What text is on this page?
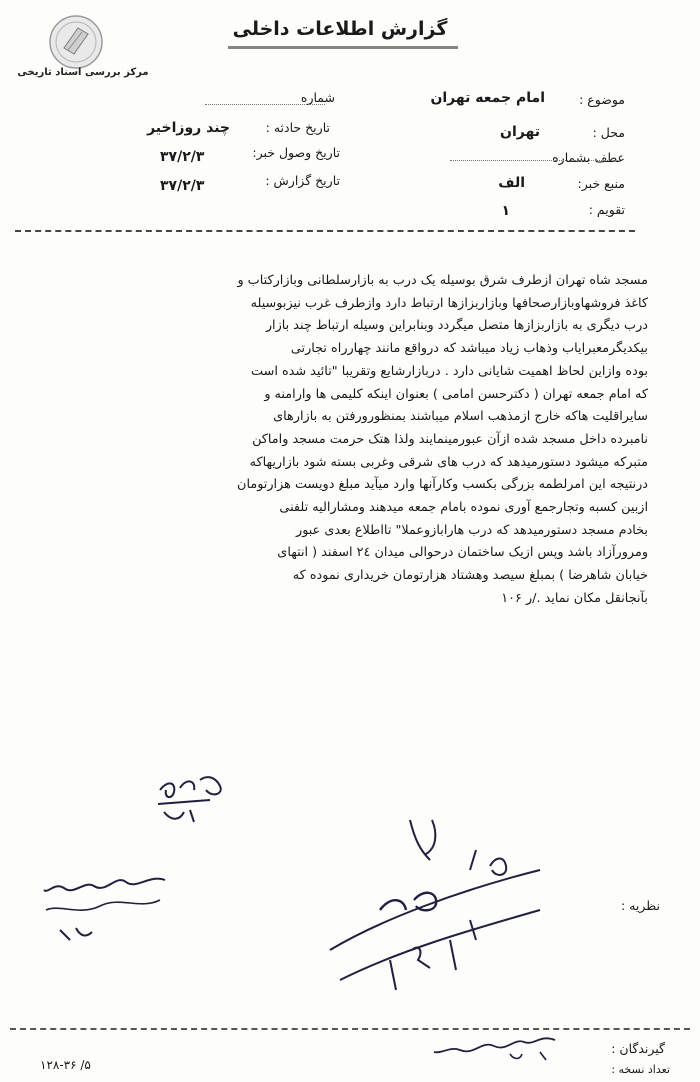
مرکز بررسی اسناد تاریخی
گزارش اطلاعات داخلی
موضوع :
امام جمعه تهران
شماره
محل :
تهران
تاریخ حادثه :
چند روزاخیر
عطف بشماره
تاریخ وصول خبر:
۳۷/۲/۳
منبع خبر:
الف
تاریخ گزارش :
۳۷/۲/۳
تقویم :
۱

مسجد شاه تهران ازطرف شرق بوسیله یک درب به بازارسلطانی وبازارکتاب و

کاغذ فروشهاوبازارصحافها وبازاربزازها ارتباط دارد وازطرف غرب نیزبوسیله

درب دیگری به بازاربزازها متصل میگردد وبنابراین وسیله ارتباط چند بازار

بیکدیگرمعبرایاب وذهاب زیاد میباشد که درواقع مانند چهارراه تجارتی

بوده وازاین لحاظ اهمیت شایانی دارد . دربازارشایع وتقریبا "تائید شده است

که امام جمعه تهران ( دکترحسن امامی ) بعنوان اینکه کلیمی ها وارامنه و

سایراقلیت هاکه خارج ازمذهب اسلام میباشند بمنظورورفتن به بازارهای

نامبرده داخل مسجد شده ازآن عبورمینمایند ولذا هتک حرمت مسجد واماکن

متبرکه میشود دستورمیدهد که درب های شرقی وغربی بسته شود بازاریهاکه

درنتیجه این امرلطمه بزرگی بکسب وکارآنها وارد میآید مبلغ دویست هزارتومان

ازبین کسبه وتجارجمع آوری نموده بامام جمعه میدهند ومشارالیه تلفنی

بخادم مسجد دستورمیدهد که درب هارابازوعملا" تااطلاع بعدی عبور

ومرورآزاد باشد وپس ازیک ساختمان درحوالی میدان ۲٤ اسفند ( انتهای

خیابان شاهرضا ) بمبلغ سیصد وهشتاد هزارتومان خریداری نموده که

بآنجانقل مکان نماید ./ر ۱۰۶

نظریه :
گیرندگان :
تعداد نسخه :
۱۲۸-۳۶ /۵
